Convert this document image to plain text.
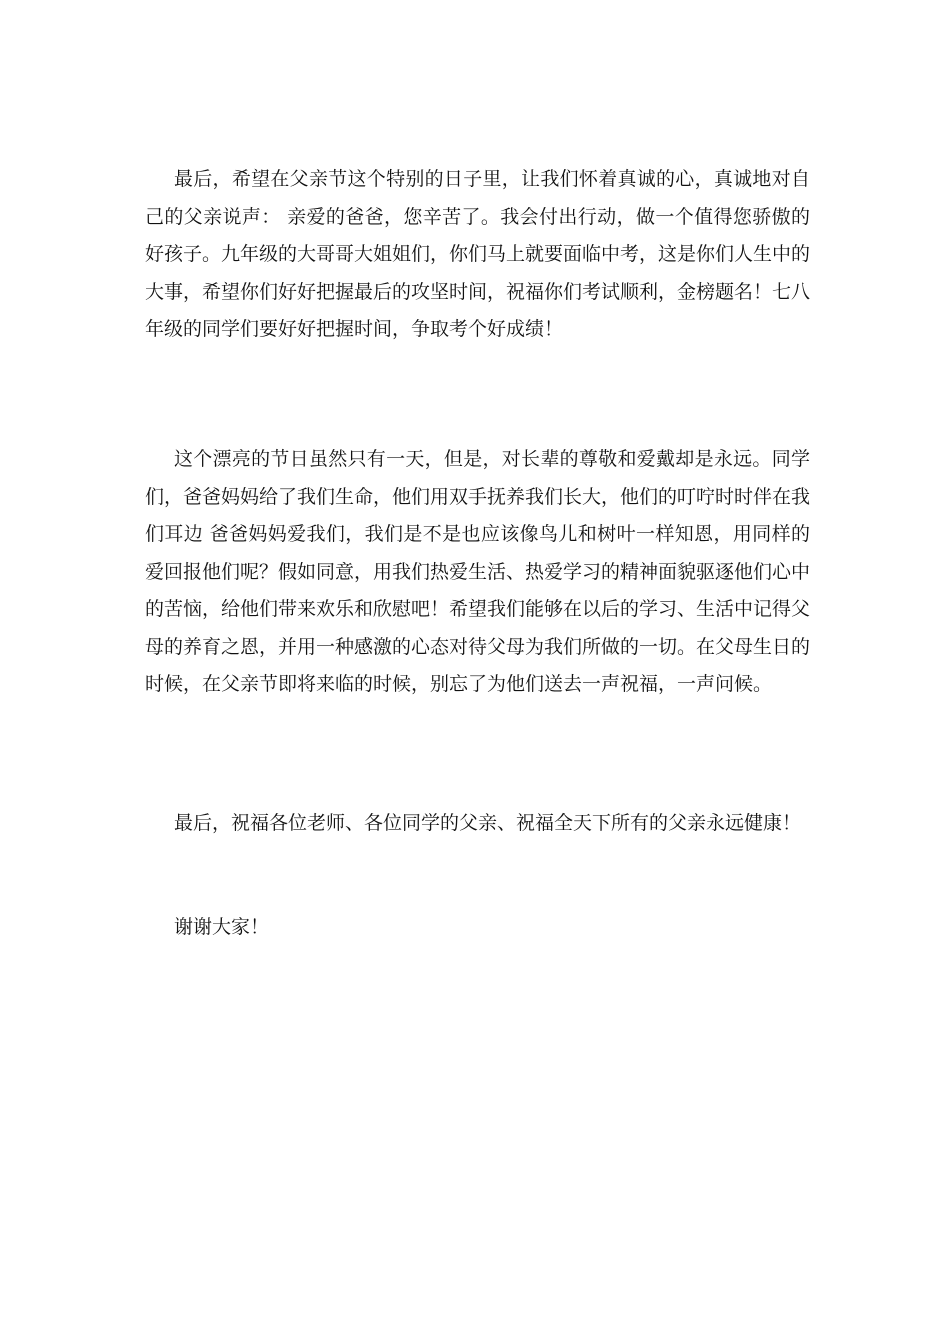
最后，希望在父亲节这个特别的日子里，让我们怀着真诚的心，真诚地对自己的父亲说声： 亲爱的爸爸，您辛苦了。我会付出行动，做一个值得您骄傲的好孩子。九年级的大哥哥大姐姐们，你们马上就要面临中考，这是你们人生中的大事，希望你们好好把握最后的攻坚时间，祝福你们考试顺利，金榜题名！七八年级的同学们要好好把握时间，争取考个好成绩！

这个漂亮的节日虽然只有一天，但是，对长辈的尊敬和爱戴却是永远。同学们，爸爸妈妈给了我们生命，他们用双手抚养我们长大，他们的叮咛时时伴在我们耳边 爸爸妈妈爱我们，我们是不是也应该像鸟儿和树叶一样知恩，用同样的爱回报他们呢？假如同意，用我们热爱生活、热爱学习的精神面貌驱逐他们心中的苦恼，给他们带来欢乐和欣慰吧！希望我们能够在以后的学习、生活中记得父母的养育之恩，并用一种感激的心态对待父母为我们所做的一切。在父母生日的时候，在父亲节即将来临的时候，别忘了为他们送去一声祝福，一声问候。

最后，祝福各位老师、各位同学的父亲、祝福全天下所有的父亲永远健康！

谢谢大家！
